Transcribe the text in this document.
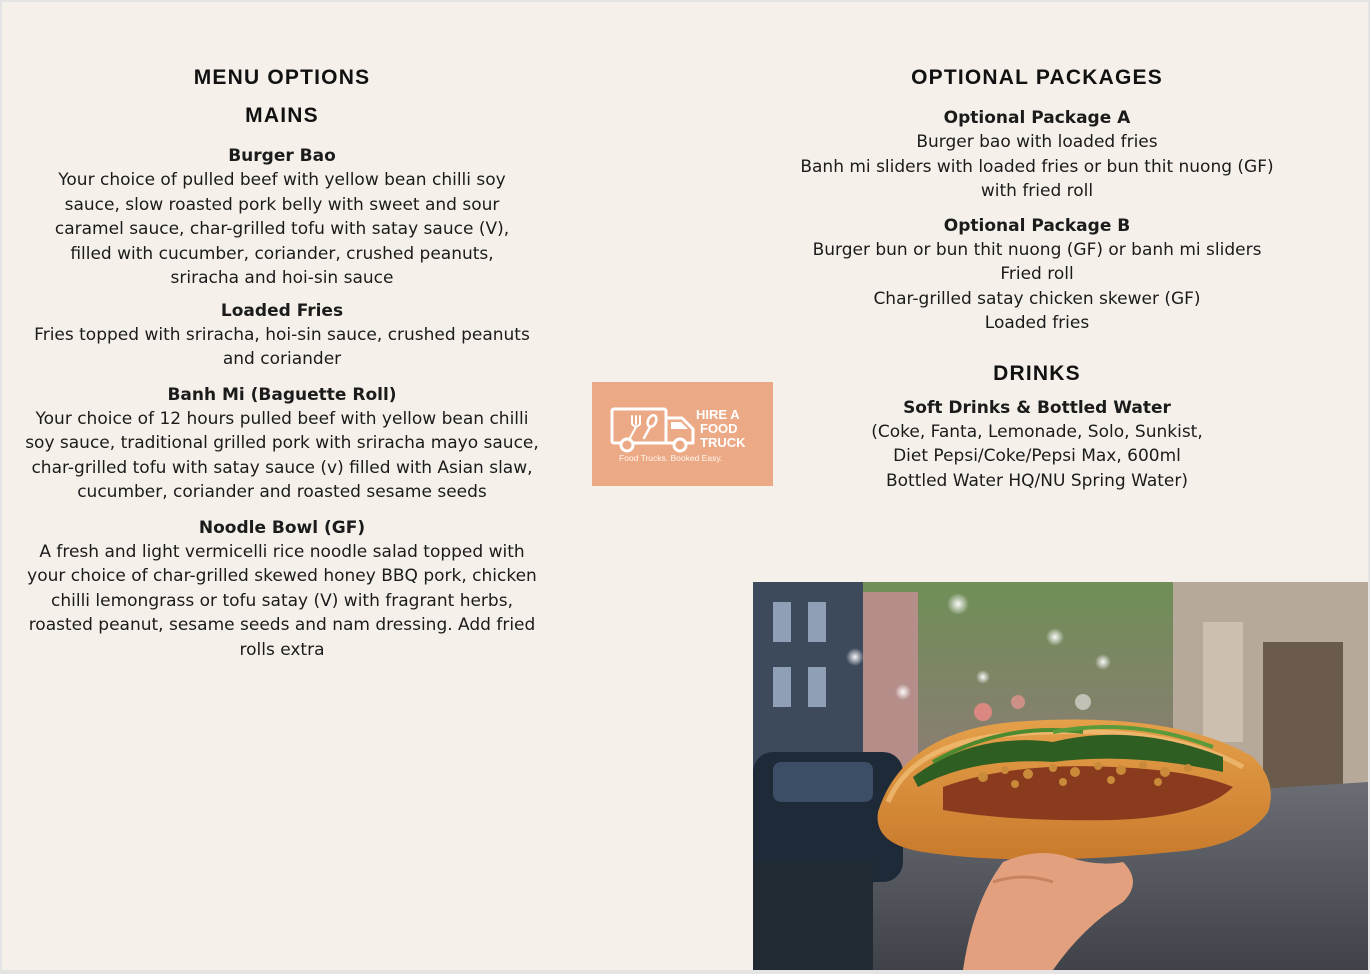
MENU OPTIONS
MAINS
Burger Bao
Your choice of pulled beef with yellow bean chilli soy
sauce, slow roasted pork belly with sweet and sour
caramel sauce, char-grilled tofu with satay sauce (V),
filled with cucumber, coriander, crushed peanuts,
sriracha and hoi-sin sauce
Loaded Fries
Fries topped with sriracha, hoi-sin sauce, crushed peanuts
and coriander
Banh Mi (Baguette Roll)
Your choice of 12 hours pulled beef with yellow bean chilli
soy sauce, traditional grilled pork with sriracha mayo sauce,
char-grilled tofu with satay sauce (v) filled with Asian slaw,
cucumber, coriander and roasted sesame seeds
Noodle Bowl (GF)
A fresh and light vermicelli rice noodle salad topped with
your choice of char-grilled skewed honey BBQ pork, chicken
chilli lemongrass or tofu satay (V) with fragrant herbs,
roasted peanut, sesame seeds and nam dressing. Add fried
rolls extra
HIRE A
FOOD
TRUCK
Food Trucks. Booked Easy.
OPTIONAL PACKAGES
Optional Package A
Burger bao with loaded fries
Banh mi sliders with loaded fries or bun thit nuong (GF)
with fried roll
Optional Package B
Burger bun or bun thit nuong (GF) or banh mi sliders
Fried roll
Char-grilled satay chicken skewer (GF)
Loaded fries
DRINKS
Soft Drinks & Bottled Water
(Coke, Fanta, Lemonade, Solo, Sunkist,
Diet Pepsi/Coke/Pepsi Max, 600ml
Bottled Water HQ/NU Spring Water)
